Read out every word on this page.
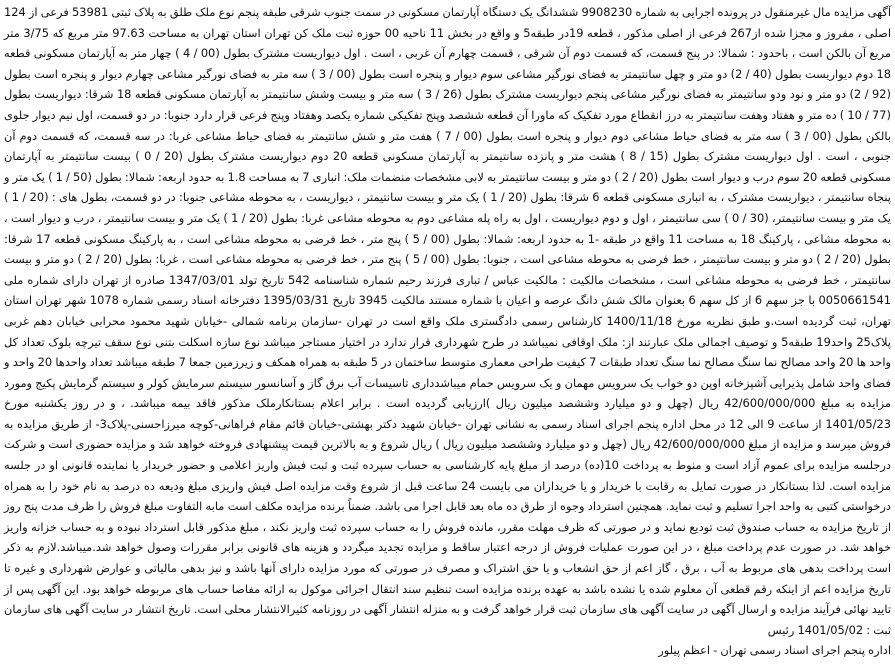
آگهی مزایده مال غیرمنقول در پرونده اجرایی به شماره 9908230 ششدانگ یک دستگاه آپارتمان مسکونی در سمت جنوب شرقی طبقه پنجم نوع ملک طلق به پلاک ثبتی 53981 فرعی از 124 اصلی ، مفروز و مجزا شده از267 فرعی از اصلی مذکور ، قطعه 19در طبقه5 و واقع در بخش 11 ناحیه 00 حوزه ثبت ملک کن تهران استان تهران به مساحت 97.63 متر مربع که 3/75 متر مربع آن بالکن است ، باحدود : شمالا: در پنج قسمت، که قسمت دوم آن شرقی ، قسمت چهارم آن غربی ، است . اول دیواریست مشترک بطول (00 / 4 ) چهار متر به آپارتمان مسکونی قطعه 18 دوم دیواریست بطول (40 / 2) دو متر و چهل سانتیمتر به فضای نورگیر مشاعی سوم دیوار و پنجره است بطول (00 / 3 ) سه متر به فضای نورگیر مشاعی چهارم دیوار و پنجره است بطول (92 / 2) دو متر و نود ودو سانتیمتر به فضای نورگیر مشاعی پنجم دیواریست مشترک بطول (26 / 3 ) سه متر و بیست وشش سانتیمتر به آپارتمان مسکونی قطعه 18 شرقا: دیواریست بطول (77 / 10 ) ده متر و هفتاد وهفت سانتیمتر به درز انقطاع مورد تفکیک که ماورا آن قطعه ششصد وپنج تفکیکی شماره یکصد وهفتاد وپنج فرعی قرار دارد جنوبا: در دو قسمت، اول نیم دیوار جلوی بالکن بطول (00 / 3 ) سه متر به فضای حیاط مشاعی دوم دیوار و پنجره است بطول (00 / 7 ) هفت متر و شش سانتیمتر به فضای حیاط مشاعی غربا: در سه قسمت، که قسمت دوم آن جنوبی ، است . اول دیواریست مشترک بطول (15 / 8 ) هشت متر و پانزده سانتیمتر به آپارتمان مسکونی قطعه 20 دوم دیواریست مشترک بطول (20 / 0 ) بیست سانتیمتر به آپارتمان مسکونی قطعه 20 سوم درب و دیوار است بطول (20 / 2 ) دو متر و بیست سانتیمتر به لابی مشخصات منضمات ملک: انباری 7 به مساحت 1.8 به حدود اربعه: شمالا: بطول (50 / 1 ) یک متر و پنجاه سانتیمتر ، دیواریست مشترک ، به انباری مسکونی قطعه 6 شرقا: بطول (20 / 1 ) یک متر و بیست سانتیمتر ، دیواریست ، به محوطه مشاعی جنوبا: در دو قسمت، بطول های : (20 / 1 ) یک متر و بیست سانتیمتر، (30 / 0 ) سی سانتیمتر ، اول و دوم دیواریست ، اول به راه پله مشاعی دوم به محوطه مشاعی غربا: بطول (20 / 1 ) یک متر و بیست سانتیمتر ، درب و دیوار است ، به محوطه مشاعی ، پارکینگ 18 به مساحت 11 واقع در طبقه -1 به حدود اربعه: شمالا: بطول (00 / 5 ) پنج متر ، خط فرضی به محوطه مشاعی است ، به پارکینگ مسکونی قطعه 17 شرقا: بطول (20 / 2 ) دو متر و بیست سانتیمتر ، خط فرضی به محوطه مشاعی است ، جنوبا: بطول (00 / 5 ) پنج متر ، خط فرضی به محوطه مشاعی است ، غربا: بطول (20 / 2 ) دو متر و بیست سانتیمتر ، خط فرضی به محوطه مشاعی است ، مشخصات مالکیت : مالکیت عباس / تباری فرزند رحیم شماره شناسنامه 542 تاریخ تولد 1347/03/01 صادره از تهران دارای شماره ملی 0050661541 با جز سهم 6 از کل سهم 6 بعنوان مالک شش دانگ عرصه و اعیان با شماره مستند مالکیت 3945 تاریخ 1395/03/31 دفترخانه اسناد رسمی شماره 1078 شهر تهران استان تهران، ثبت گردیده است.و طبق نظریه مورخ 1400/11/18 کارشناس رسمی دادگستری ملک واقع است در تهران -سازمان برنامه شمالی -خیابان شهید محمود محرابی خیابان دهم غربی پلاک25 واحد19 طبقه5 و توصیف اجمالی ملک عبارتند از: ملک اوقافی نمیباشد در طرح شهرداری قرار ندارد در اختیار مستاجر میباشد نوع سازه اسکلت بتنی نوع سقف تیرچه بلوک تعداد کل واحد ها 20 واحد مصالح نما سنگ مصالح نما سنگ تعداد طبقات 7 کیفیت طراحی معماری متوسط ساختمان در 5 طبقه به همراه همکف و زیرزمین جمعا 7 طبقه میباشد تعداد واحدها 20 واحد و فضای واحد شامل پذیرایی آشپزخانه اوپن دو خواب یک سرویس مهمان و یک سرویس حمام میباشدداری تاسیسات آب برق گاز و آسانسور سیستم سرمایش کولر و سیستم گرمایش پکیج ومورد مزایده به مبلغ 42/600/000/000 ریال (چهل و دو میلیارد وششصد میلیون ریال )ارزیابی گردیده است . برابر اعلام بستانکارملک مذکور فاقد بیمه میباشد. ، و در روز یکشنبه مورخ 1401/05/23 از ساعت 9 الی 12 در محل اداره پنجم اجرای اسناد رسمی به نشانی تهران -خیابان شهید دکتر بهشتی-خیابان قائم مقام فراهانی-کوچه میرزاحسنی-پلاک3- از طریق مزایده به فروش میرسد و مزایده از مبلغ 42/600/000/000 ریال (چهل و دو میلیارد وششصد میلیون ریال ) ریال شروع و به بالاترین قیمت پیشنهادی فروخته خواهد شد و مزایده حضوری است و شرکت درجلسه مزایده برای عموم آزاد است و منوط به پرداخت 10(ده) درصد از مبلغ پایه کارشناسی به حساب سپرده ثبت و ثبت فیش واریز اعلامی و حضور خریدار یا نماینده قانونی او در جلسه مزایده است. لذا بستانکار در صورت تمایل به رقابت با خریدار و یا خریداران می بایست 24 ساعت قبل از شروع وقت مزایده اصل فیش واریزی مبلغ ودیعه ده درصد به نام خود را به همراه درخواستی کتبی به واحد اجرا تسلیم و ثبت نماید. همچنین استرداد وجوه از طرق ده ماه بعد قابل اجرا می باشد. ضمناً برنده مزایده مکلف است مابه التفاوت مبلغ فروش را ظرف مدت پنج روز از تاریخ مزایده به حساب صندوق ثبت تودیع نماید و در صورتی که ظرف مهلت مقرر، مانده فروش را به حساب سپرده ثبت واریز نکند ، مبلغ مذکور قابل استرداد نبوده و به حساب خزانه واریز خواهد شد. در صورت عدم پرداخت مبلغ ، در این صورت عملیات فروش از درجه اعتبار ساقط و مزایده تجدید میگردد و هزینه های قانونی برابر مقررات وصول خواهد شد.میباشد.لازم به ذکر است پرداخت بدهی های مربوط به آب ، برق ، گاز اعم از حق انشعاب و یا حق اشتراک و مصرف در صورتی که مورد مزایده دارای آنها باشد و نیز بدهی مالیاتی و عوارض شهرداری و غیره تا تاریخ مزایده اعم از اینکه رقم قطعی آن معلوم شده یا نشده باشد به عهده برنده مزایده است تنظیم سند انتقال اجرائی موکول به ارائه مفاصا حساب های مربوطه خواهد بود. این آگهی پس از تایید نهائی فرآیند مزایده و ارسال آگهی در سایت آگهی های سازمان ثبت قرار خواهد گرفت و به منزله انتشار آگهی در روزنامه کثیرالانتشار محلی است. تاریخ انتشار در سایت آگهی های سازمان ثبت : 1401/05/02 رئیس
اداره پنجم اجرای اسناد رسمی تهران - اعظم پیلور
